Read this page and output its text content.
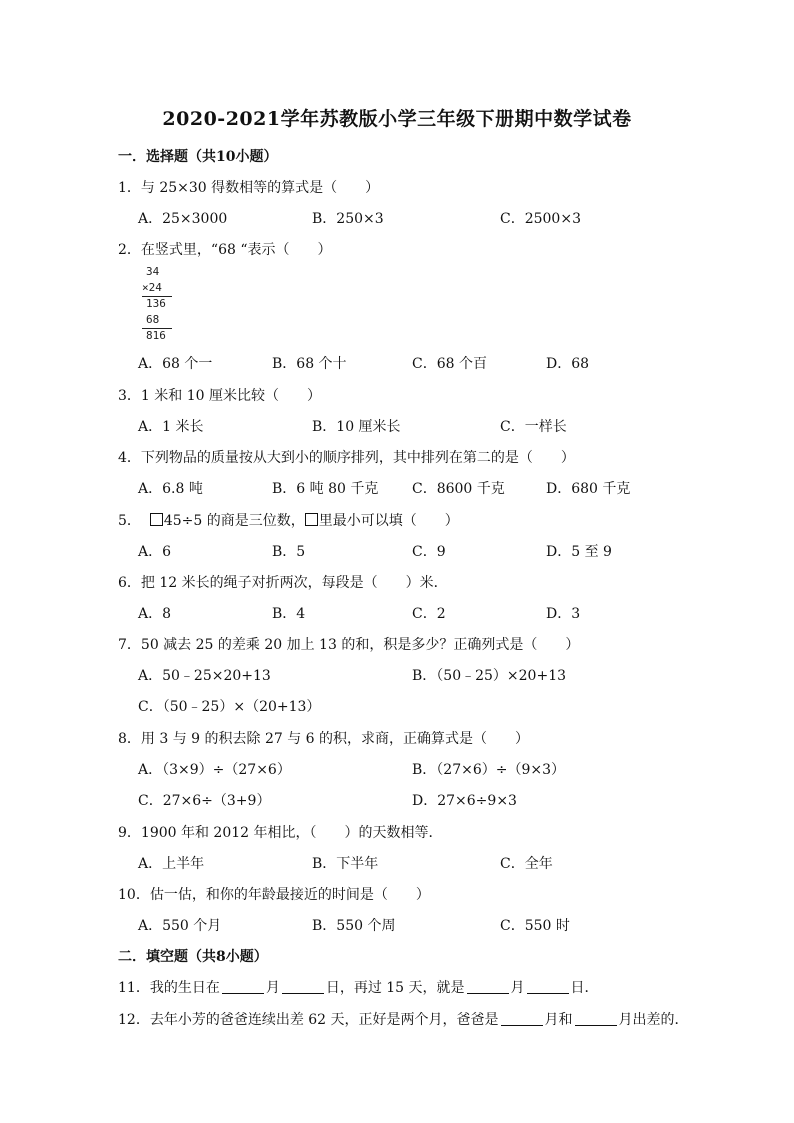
2020-2021学年苏教版小学三年级下册期中数学试卷
一．选择题（共10小题）
1．与 25×30 得数相等的算式是（　　）
A．25×3000	B．250×3	C．2500×3
2．在竖式里，“68 “表示（　　）
34
×24
136
68
816
A．68 个一	B．68 个十	C．68 个百	D．68
3．1 米和 10 厘米比较（　　）
A．1 米长	B．10 厘米长	C．一样长
4．下列物品的质量按从大到小的顺序排列，其中排列在第二的是（　　）
A．6.8 吨	B．6 吨 80 千克 C．8600 千克	D．680 千克
5． 45÷5 的商是三位数， 里最小可以填（　　）
A．6	B．5	C．9	D．5 至 9
6．把 12 米长的绳子对折两次，每段是（　　）米．
A．8	B．4	C．2	D．3
7．50 减去 25 的差乘 20 加上 13 的和，积是多少？正确列式是（　　）
A．50﹣25×20+13	B．（50﹣25）×20+13
C．（50﹣25）×（20+13）
8．用 3 与 9 的积去除 27 与 6 的积，求商，正确算式是（　　）
A．（3×9）÷（27×6）	B．（27×6）÷（9×3）
C．27×6÷（3+9）	D．27×6÷9×3
9．1900 年和 2012 年相比，（　　）的天数相等．
A．上半年	B．下半年	C．全年
10．估一估，和你的年龄最接近的时间是（　　）
A．550 个月	B．550 个周	C．550 时
二．填空题（共8小题）
11．我的生日在	月	日，再过 15 天，就是	月	日．
12．去年小芳的爸爸连续出差 62 天，正好是两个月，爸爸是	月和	月出差的．
